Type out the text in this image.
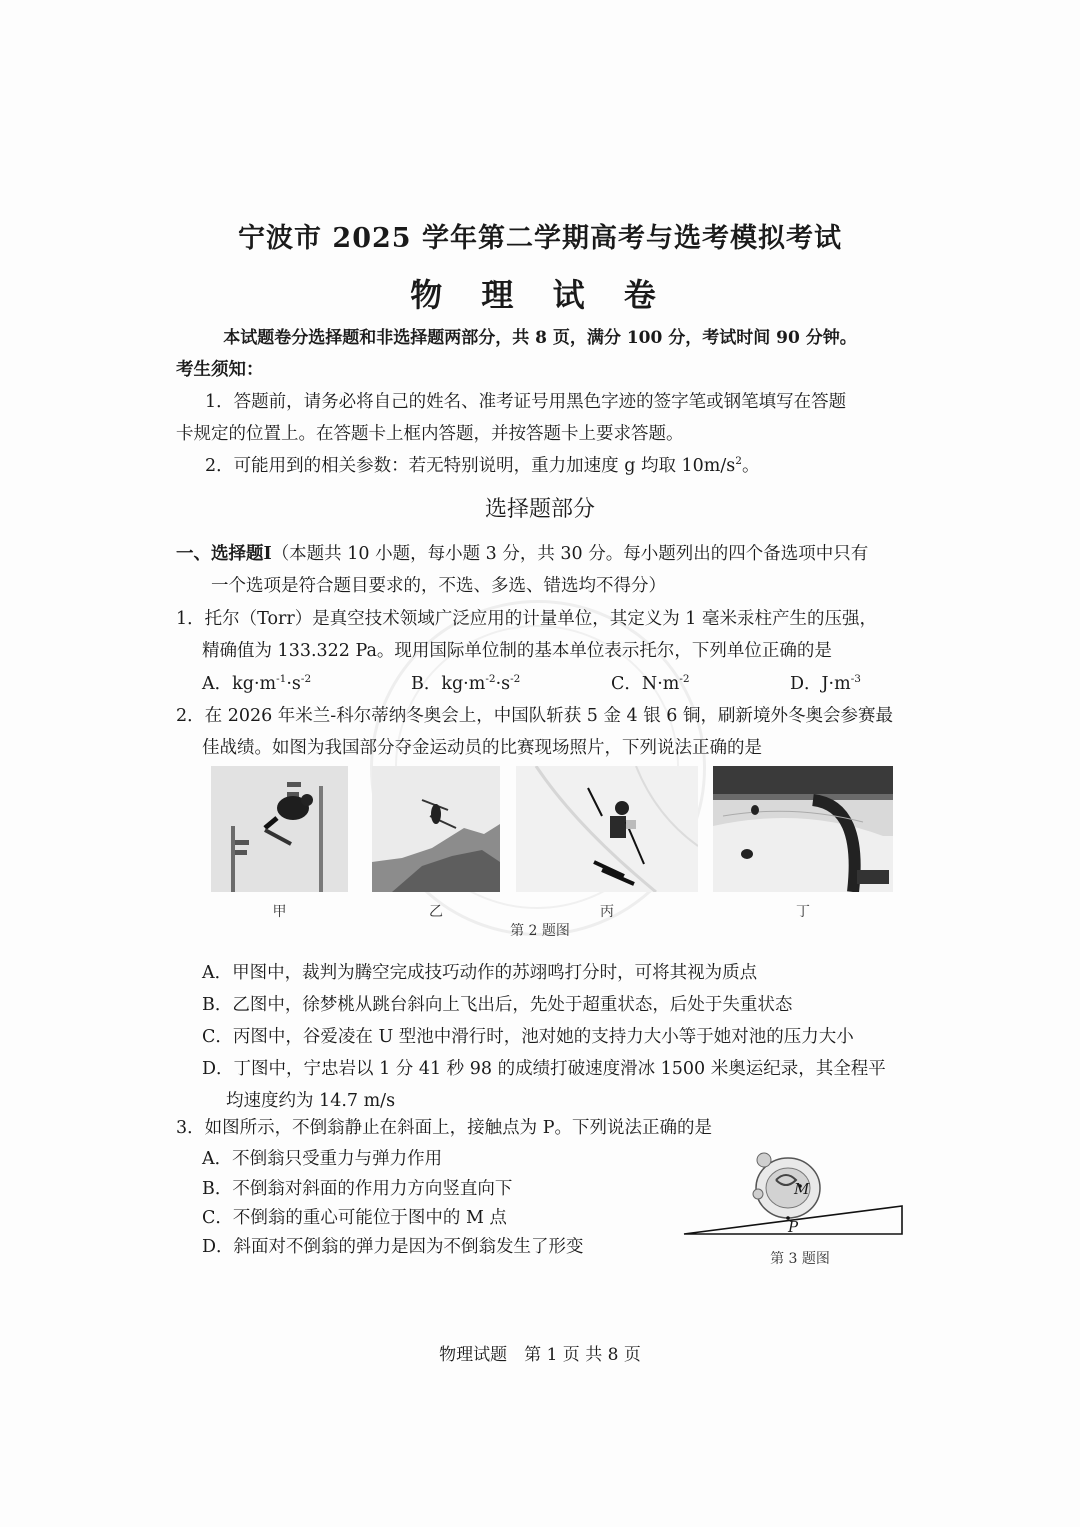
宁波市 2025 学年第二学期高考与选考模拟考试
物 理 试 卷
本试题卷分选择题和非选择题两部分，共 8 页，满分 100 分，考试时间 90 分钟。
考生须知：
1．答题前，请务必将自己的姓名、准考证号用黑色字迹的签字笔或钢笔填写在答题
卡规定的位置上。在答题卡上框内答题，并按答题卡上要求答题。
2．可能用到的相关参数：若无特别说明，重力加速度 g 均取 $10m/s^2$。
选择题部分
一、选择题Ⅰ（本题共 10 小题，每小题 3 分，共 30 分。每小题列出的四个备选项中只有
一个选项是符合题目要求的，不选、多选、错选均不得分）
1．托尔（Torr）是真空技术领域广泛应用的计量单位，其定义为 1 毫米汞柱产生的压强，
精确值为 133.322 Pa。现用国际单位制的基本单位表示托尔，下列单位正确的是
A．$kg\cdot m^{-1}\cdot s^{-2}$	B．$kg\cdot m^{-2}\cdot s^{-2}$	C．$N\cdot m^{-2}$	D．$J\cdot m^{-3}$
2．在 2026 年米兰-科尔蒂纳冬奥会上，中国队斩获 5 金 4 银 6 铜，刷新境外冬奥会参赛最
佳战绩。如图为我国部分夺金运动员的比赛现场照片，下列说法正确的是
甲	乙	丙	丁
第 2 题图
A．甲图中，裁判为腾空完成技巧动作的苏翊鸣打分时，可将其视为质点
B．乙图中，徐梦桃从跳台斜向上飞出后，先处于超重状态，后处于失重状态
C．丙图中，谷爱凌在 U 型池中滑行时，池对她的支持力大小等于她对池的压力大小
D．丁图中，宁忠岩以 1 分 41 秒 98 的成绩打破速度滑冰 1500 米奥运纪录，其全程平
均速度约为 14.7 m/s
3．如图所示，不倒翁静止在斜面上，接触点为 P。下列说法正确的是
A．不倒翁只受重力与弹力作用
B．不倒翁对斜面的作用力方向竖直向下
C．不倒翁的重心可能位于图中的 M 点
D．斜面对不倒翁的弹力是因为不倒翁发生了形变
M
P
第 3 题图
物理试题　第 1 页 共 8 页
